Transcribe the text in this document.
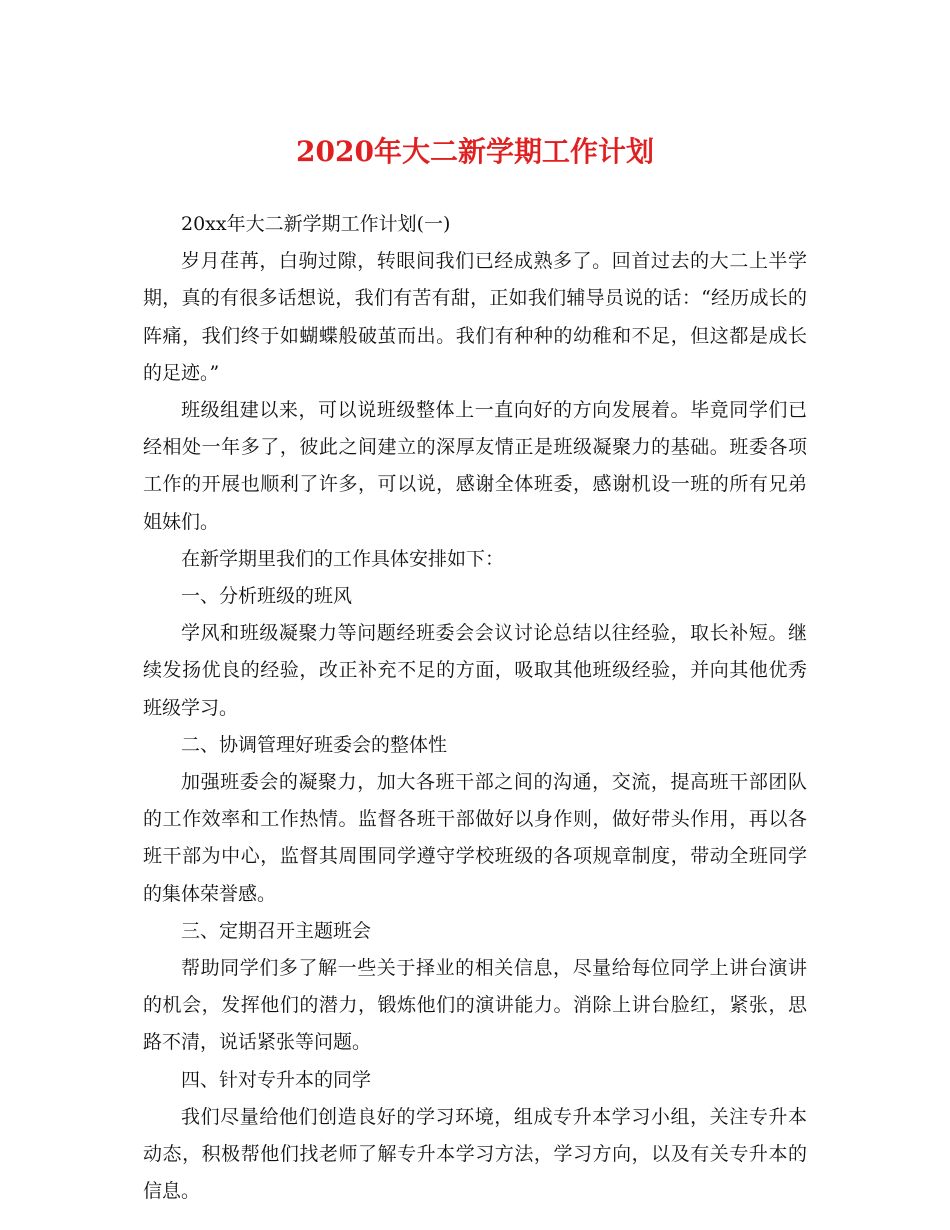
2020年大二新学期工作计划

20xx年大二新学期工作计划(一)

岁月荏苒，白驹过隙，转眼间我们已经成熟多了。回首过去的大二上半学期，真的有很多话想说，我们有苦有甜，正如我们辅导员说的话：“经历成长的阵痛，我们终于如蝴蝶般破茧而出。我们有种种的幼稚和不足，但这都是成长的足迹。”

班级组建以来，可以说班级整体上一直向好的方向发展着。毕竟同学们已经相处一年多了，彼此之间建立的深厚友情正是班级凝聚力的基础。班委各项工作的开展也顺利了许多，可以说，感谢全体班委，感谢机设一班的所有兄弟姐妹们。

在新学期里我们的工作具体安排如下：

一、分析班级的班风

学风和班级凝聚力等问题经班委会会议讨论总结以往经验，取长补短。继续发扬优良的经验，改正补充不足的方面，吸取其他班级经验，并向其他优秀班级学习。

二、协调管理好班委会的整体性

加强班委会的凝聚力，加大各班干部之间的沟通，交流，提高班干部团队的工作效率和工作热情。监督各班干部做好以身作则，做好带头作用，再以各班干部为中心，监督其周围同学遵守学校班级的各项规章制度，带动全班同学的集体荣誉感。

三、定期召开主题班会

帮助同学们多了解一些关于择业的相关信息，尽量给每位同学上讲台演讲的机会，发挥他们的潜力，锻炼他们的演讲能力。消除上讲台脸红，紧张，思路不清，说话紧张等问题。

四、针对专升本的同学

我们尽量给他们创造良好的学习环境，组成专升本学习小组，关注专升本动态，积极帮他们找老师了解专升本学习方法，学习方向，以及有关专升本的信息。
